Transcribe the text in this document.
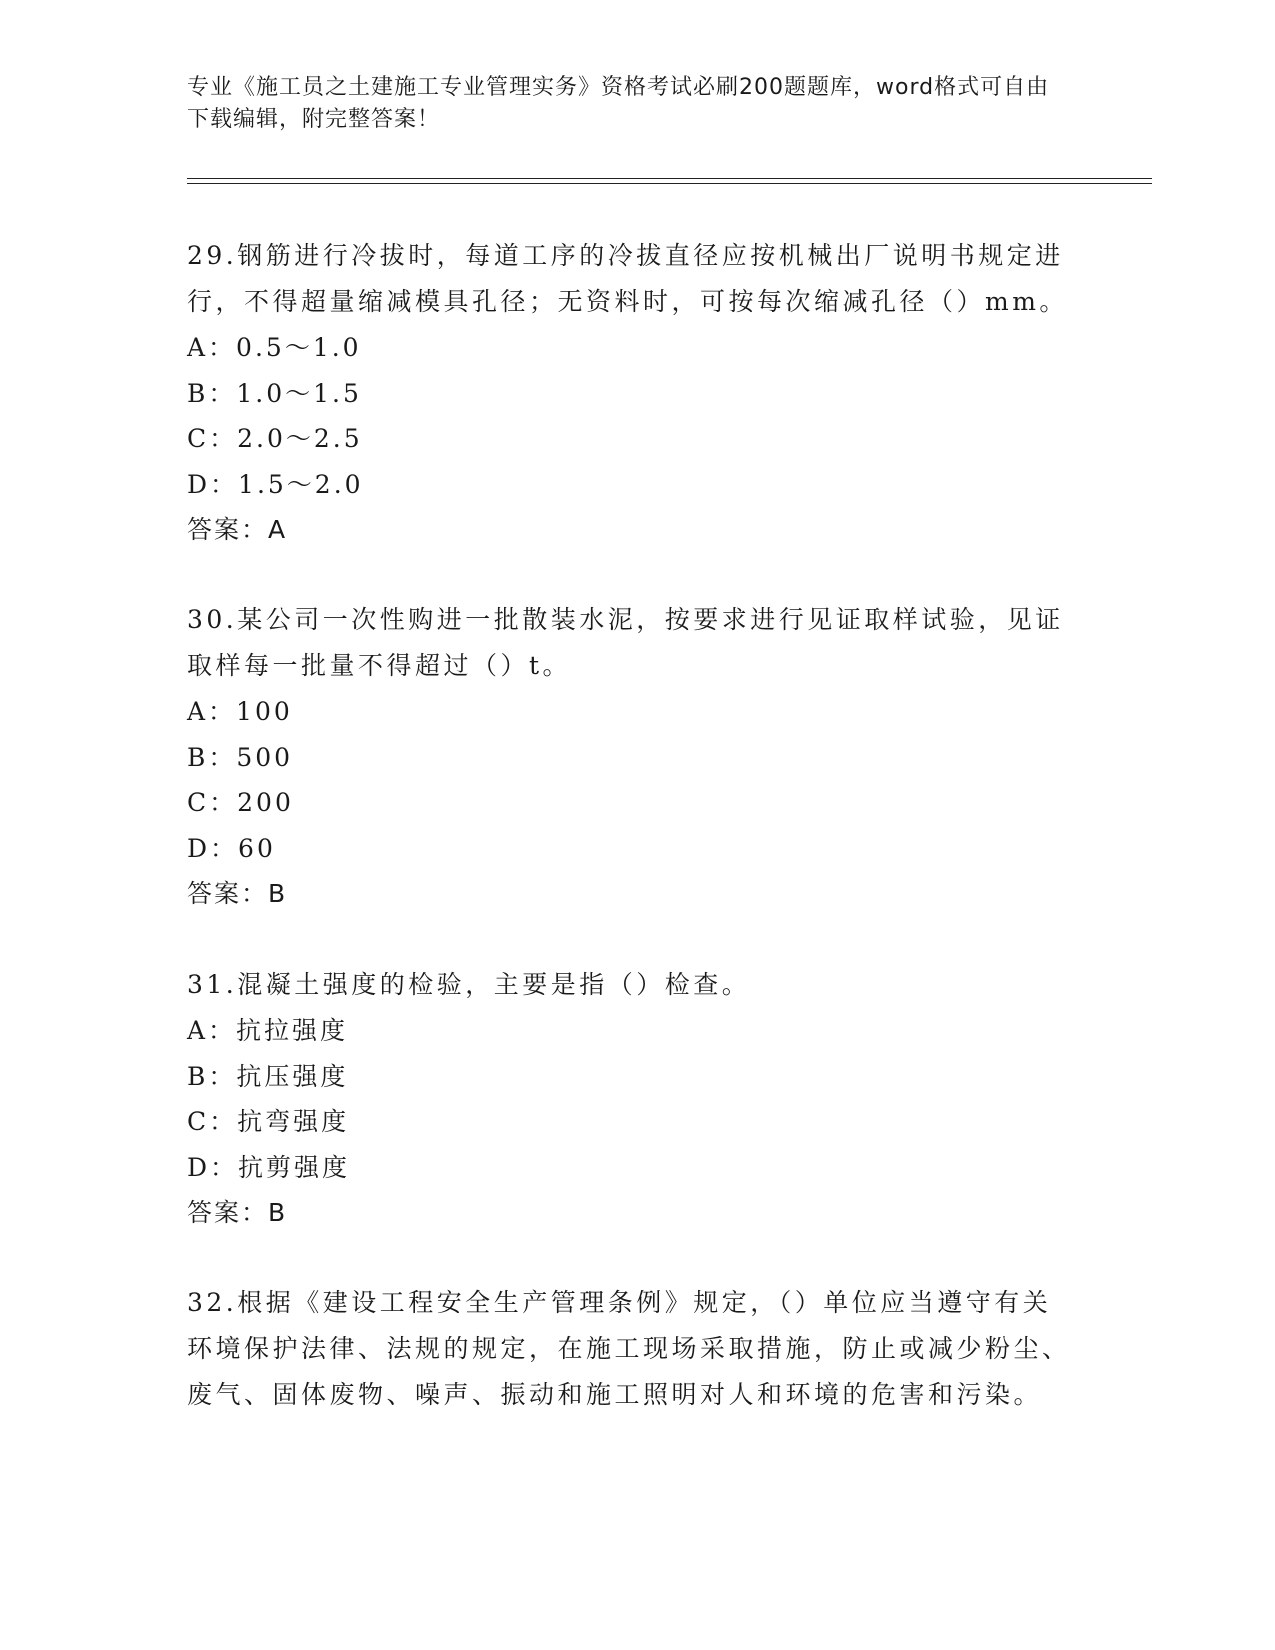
专业《施工员之土建施工专业管理实务》资格考试必刷200题题库，word格式可自由下载编辑，附完整答案！

29.钢筋进行冷拔时，每道工序的冷拔直径应按机械出厂说明书规定进行，不得超量缩减模具孔径；无资料时，可按每次缩减孔径（）mm。

A：0.5～1.0

B：1.0～1.5

C：2.0～2.5

D：1.5～2.0

答案：A

30.某公司一次性购进一批散装水泥，按要求进行见证取样试验，见证取样每一批量不得超过（）t。

A：100

B：500

C：200

D：60

答案：B

31.混凝土强度的检验，主要是指（）检查。

A：抗拉强度

B：抗压强度

C：抗弯强度

D：抗剪强度

答案：B

32.根据《建设工程安全生产管理条例》规定，（）单位应当遵守有关环境保护法律、法规的规定，在施工现场采取措施，防止或减少粉尘、废气、固体废物、噪声、振动和施工照明对人和环境的危害和污染。
